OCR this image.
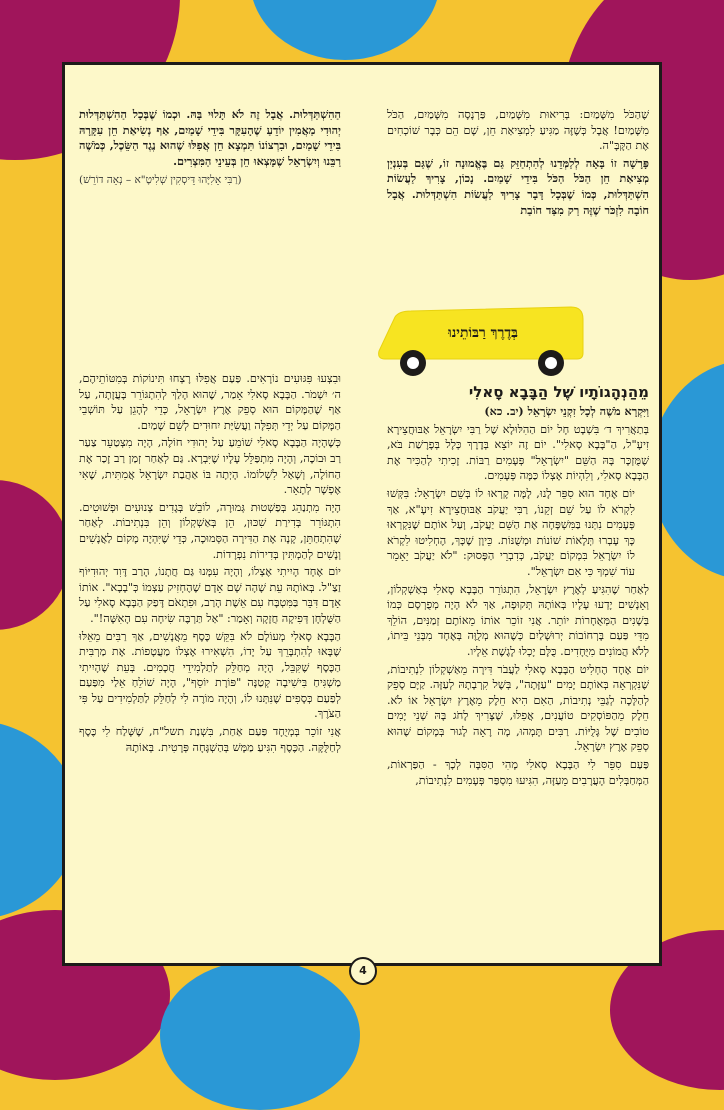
שֶׁהַכֹּל מִשָּׁמַיִם: בְּרִיאוּת מִשָּׁמַיִם, פַּרְנָסָה מִשָּׁמַיִם, הַכֹּל מִשָּׁמַיִם! אֲבָל כְּשֶׁזֶּה מַגִּיעַ לִמְצִיאַת חֵן, שָׁם הֵם כְּבָר שׁוֹכְחִים אֶת הַקָּבָּ"ה.

פָּרָשָׁה זוֹ בָּאָה לְלַמְּדֵנוּ לְהִתְחַזֵּק גַּם בֶּאֱמוּנָה זוֹ, שֶׁגַּם בְּעִנְיַן מְצִיאַת חֵן הַכֹּל הַכֹּל בִּידֵי שָׁמַיִם. נָכוֹן, צָרִיךְ לַעֲשׂוֹת הִשְׁתַּדְּלוּת, כְּמוֹ שֶׁבְּכָל דָּבָר צָרִיךְ לַעֲשׂוֹת הִשְׁתַּדְּלוּת. אֲבָל חוֹבָה לִזְכֹּר שֶׁזֶּה רַק מִצַּד חוֹבַת

הַהִשְׁתַּדְּלוּת. אֲבָל זֶה לֹא תָּלוּי בָּהּ. וּכְמוֹ שֶׁבְּכָל הַהִשְׁתַּדְּלוּת יְהוּדִי מַאֲמִין יוֹדֵעַ שֶׁהָעִקָּר בִּידֵי שָׁמַיִם, אַף נְשִׂיאַת חֵן עִקָּרָהּ בִּידֵי שָׁמַיִם, וּבִרְצוֹנוֹ תִּמְצָא חֵן אֲפִלּוּ שֶׁהוּא נֶגֶד הַשֵּׂכֶל, כְּמֹשֶׁה רַבֵּנוּ וְיִשְׂרָאֵל שֶׁמָּצְאוּ חֵן בְּעֵינֵי הַמִּצְרִים.

(רַבִּי אֵלִיָּהוּ דֵּיסְקִין שְׁלִיטָ"א – נְאֵה דוֹרֵשׁ)

בְּדֶרֶךְ רַבּוֹתֵינוּ
מֵהַנְהָגוֹתָיו שֶׁל הַבָּבָא סָאלִי
וַיִּקְרָא מֹשֶׁה לְכָל זִקְנֵי יִשְׂרָאֵל (יב. כא)

בְּתַאֲרִיךְ ד׳ בִּשְׁבָט חָל יוֹם הַהִלּוּלָא שֶׁל רַבִּי יִשְׂרָאֵל אַבּוּחֲצֵירָא זִיעָ"ל, הַ"בָּבָא סָאלִי". יוֹם זֶה יוֹצֵא בְּדֶרֶךְ כְּלָל בְּפָרָשַׁת בֹּא, שֶׁמֻּזְכָּר בָּהּ הַשֵּׁם "יִשְׂרָאֵל" פְּעָמִים רַבּוֹת. זָכִיתִי לְהַכִּיר אֶת הַבָּבָא סָאלִי, וְלִהְיוֹת אֶצְלוֹ כַּמָּה פְּעָמִים.

יוֹם אֶחָד הוּא סִפֵּר לָנוּ, לָמָּה קָרְאוּ לוֹ בְּשֵׁם יִשְׂרָאֵל: בִּקְּשׁוּ לִקְרֹא לוֹ עַל שֵׁם זְקֵנוֹ, רַבִּי יַעֲקֹב אַבּוּחֲצֵירָא זִיעָ"א, אַךְ פְּעָמִים נִתְּנוּ בַּמִּשְׁפָּחָה אֶת הַשֵּׁם יַעֲקֹב, וְעַל אוֹתָם שֶׁנִּקְרְאוּ כָּךְ עָבְרוּ תְּלָאוֹת שׁוֹנוֹת וּמְשֻׁנּוֹת. כֵּיוָן שֶׁכָּךְ, הֶחְלִיטוּ לִקְרֹא לוֹ יִשְׂרָאֵל בִּמְקוֹם יַעֲקֹב, כְּדִבְרֵי הַפָּסוּק: "לֹא יַעֲקֹב יֵאָמֵר עוֹד שִׁמְךָ כִּי אִם יִשְׂרָאֵל".

לְאַחַר שֶׁהִגִּיעַ לְאֶרֶץ יִשְׂרָאֵל, הִתְגּוֹרֵר הַבָּבָא סָאלִי בְּאַשְׁקְלוֹן, וְאָנָשִׁים יָדְעוּ עָלָיו בְּאוֹתָהּ תְּקוּפָה, אַךְ לֹא הָיָה מְפֻרְסָם כְּמוֹ בְּשָׁנִים הַמְּאֻחָרוֹת יוֹתֵר. אֲנִי זוֹכֵר אוֹתוֹ מֵאוֹתָם זְמַנִּים, הוֹלֵךְ מִדֵּי פַּעַם בָּרְחוֹבוֹת יְרוּשָׁלַיִם כְּשֶׁהוּא מְלֻוֶּה בְּאֶחָד מִבְּנֵי בֵּיתוֹ, לְלֹא הֲמוֹנִים מִיֻּחָדִים. כֻּלָּם יָכְלוּ לָגֶשֶׁת אֵלָיו.

יוֹם אֶחָד הֶחְלִיט הַבָּבָא סָאלִי לַעֲבֹר דִּירָה מֵאַשְׁקְלוֹן לִנְתִיבוֹת, שֶׁנִּקְרְאָה בְּאוֹתָם יָמִים "עַזָּתָה", בְּשֶׁל קִרְבָתָהּ לְעַזָּה. קַיָּם סָפֵק לְהַלָּכָה לְגַבֵּי נְתִיבוֹת, הַאִם הִיא חֵלֶק מֵאֶרֶץ יִשְׂרָאֵל אוֹ לֹא. חֵלֶק מֵהַפּוֹסְקִים טוֹעֲנִים, אֲפִלּוּ, שֶׁצָּרִיךְ לָחֹג בָּהּ שְׁנֵי יָמִים טוֹבִים שֶׁל גָּלֻיּוֹת. רַבִּים תָּמְהוּ, מָה רָאָה לָגוּר בְּמָקוֹם שֶׁהוּא סְפֵק אֶרֶץ יִשְׂרָאֵל.

פַּעַם סִפֵּר לִי הַבָּבָא סָאלִי מָהִי הַסִּבָּה לְכָךְ - הַפַּרְאוֹת, הַמְּחַבְּלִים הָעֲרָבִים מֵעַזָּה, הִגִּיעוּ מִסְפַּר פְּעָמִים לִנְתִיבוֹת,

וּבִצְעוּ פִּגּוּעִים נוֹרָאִים. פַּעַם אֲפִלּוּ רָצְחוּ תִּינוֹקוֹת בְּמִטּוֹתֵיהֶם, ה׳ יִשְׁמֹר. הַבָּבָא סָאלִי אָמַר, שֶׁהוּא הָלַךְ לְהִתְגּוֹרֵר בָּעֲזָתָה, עַל אַף שֶׁהַמָּקוֹם הוּא סְפֵק אֶרֶץ יִשְׂרָאֵל, כְּדֵי לְהָגֵן עַל תּוֹשְׁבֵי הַמָּקוֹם עַל יְדֵי תְּפִלָּה וַעֲשִׂיַּת יִחוּדִים לְשֵׁם שָׁמַיִם.

כְּשֶׁהָיָה הַבָּבָא סָאלִי שׁוֹמֵעַ עַל יְהוּדִי חוֹלֶה, הָיָה מִצְטַעֵר צַעַר רַב וּבוֹכֶה, וְהָיָה מִתְפַּלֵּל עָלָיו שֶׁיִּבְרָא. גַּם לְאַחַר זְמַן רַב זָכַר אֶת הַחוֹלֶה, וְשָׁאַל לִשְׁלוֹמוֹ. הָיְתָה בּוֹ אַהֲבַת יִשְׂרָאֵל אֲמִתִּית, שֶׁאִי אֶפְשָׁר לְתָאֵר.

הָיָה מִתְנַהֵג בְּפַשְׁטוּת גְּמוּרָה, לוֹבֵשׁ בְּגָדִים צְנוּעִים וּפְשׁוּטִים. הִתְגּוֹרֵר בְּדִירַת שִׁכּוּן, הֵן בְּאַשְׁקְלוֹן וְהֵן בִּנְתִיבוֹת. לְאַחַר שֶׁהִתְחַתֵּן, קָנָה אֶת הַדִּירָה הַסְּמוּכָה, כְּדֵי שֶׁיִּהְיֶה מָקוֹם לַאֲנָשִׁים וְנָשִׁים לְהַמְתִּין בְּדִירוֹת נִפְרָדוֹת.

יוֹם אֶחָד הָיִיתִי אֶצְלוֹ, וְהָיָה עִמָּנוּ גַּם חֲתָנוֹ, הָרַב דָּוִד יְהוּדִיּוֹף זַצַ"ל. בְּאוֹתָהּ עֵת שָׁהָה שָׁם אָדָם שֶׁהֶחְזִיק עַצְמוֹ כְּ"בָבָא". אוֹתוֹ אָדָם דִּבֵּר בַּמִּטְבָּח עִם אֵשֶׁת הָרַב, וּפִתְאֹם דָּפַק הַבָּבָא סָאלִי עַל הַשֻּׁלְחָן דְּפִיקָה חֲזָקָה וְאָמַר: "אַל תַּרְבֶּה שִׂיחָה עִם הָאִשָּׁה!".

הַבָּבָא סָאלִי מְעוֹלָם לֹא בִּקֵּשׁ כֶּסֶף מֵאֲנָשִׁים, אַךְ רַבִּים מֵאֵלּוּ שֶׁבָּאוּ לְהִתְבָּרֵךְ עַל יָדוֹ, הִשְׁאִירוּ אֶצְלוֹ מַעֲטָפוֹת. אֶת מַרְבִּית הַכֶּסֶף שֶׁקִּבֵּל, הָיָה מְחַלֵּק לְתַלְמִידֵי חֲכָמִים. בְּעֵת שֶׁהָיִיתִי מַשְׁגִּיחַ בִּישִׁיבָה קְטַנָּה "פּוֹרָת יוֹסֵף", הָיָה שׁוֹלֵחַ אֵלַי מִפַּעַם לְפַעַם כְּסָפִים שֶׁנִּתְּנוּ לוֹ, וְהָיָה מוֹרֶה לִי לְחַלֵּק לַתַּלְמִידִים עַל פִּי הַצֹּרֶךְ.

אֲנִי זוֹכֵר בְּמְיֻחָד פַּעַם אַחַת, בִּשְׁנַת תשל"ח, שֶׁשָּׁלַח לִי כֶּסֶף לְחַלֻּקָּה. הַכֶּסֶף הִגִּיעַ מַמָּשׁ בְּהַשְׁגָּחָה פְּרָטִית. בְּאוֹתָהּ

4
